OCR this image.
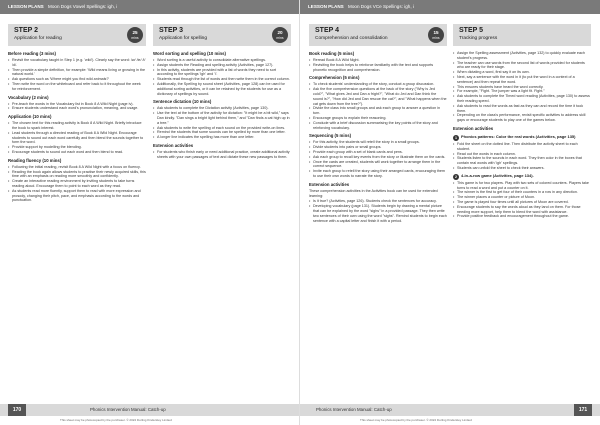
LESSON PLANS Moon Dogs Vowel Spellings: igh, i
STEP 2
Application for reading
25
mins
Before reading (3 mins)
• Revisit the vocabulary taught in Step 1 (e.g. 'wild'). Clearly say the word: /w/ /ie/ /l/ /d/.
• Then provide a simple definition, for example: 'Wild means living or growing in the natural world.'
• Ask questions such as 'Where might you find wild animals?'
• Then write the word on the whiteboard and refer back to it throughout the week for reinforcement.
Vocabulary (2 mins)
• Pre-teach the words in the Vocabulary list in Book 8 A Wild Night (page iv).
• Ensure students understand each word's pronunciation, meaning, and usage.
Application (10 mins)
• The chosen text for this reading activity is Book 8 A Wild Night. Briefly introduce the book to spark interest.
• Lead students through a directed reading of Book 8 A Wild Night. Encourage students to sound out each word carefully and then blend the sounds together to form the word.
• Provide support by modelling the blending.
• Encourage students to sound out each word and then blend to read.
Reading fluency (10 mins)
• Following the initial reading, revisit Book 8 A Wild Night with a focus on fluency.
• Reading the book again allows students to practise their newly acquired skills, this time with an emphasis on reading more smoothly and confidently.
• Create an interactive reading environment by inviting students to take turns reading aloud. Encourage them to point to each word as they read.
• As students read more fluently, support them to read with more expression and prosody, changing their pitch, pace, and emphasis according to the words and punctuation.
STEP 3
Application for spelling
20
mins
Word sorting and spelling (10 mins)
• Word sorting is a useful activity to consolidate alternative spellings.
• Assign students the Reading and spelling activity (Activities, page 127).
• In this activity, students are provided with a list of words they need to sort according to the spellings 'igh' and 'i'.
• Students read through the list of words and then write them in the correct column.
• Additionally, the Spelling by sound sheet (Activities, page 128) can be used for additional sorting activities, or it can be retained by the students for use as a dictionary of spellings by sound.
Sentence dictation (10 mins)
• Ask students to complete the Dictation activity (Activities, page 130).
• Use the text at the bottom of the activity for dictation: "It might be a bit wild," says Dan kindly. "Dan sings a bright light behind them," and "Dan finds a cat high up in a tree."
• Ask students to write the spelling of each sound on the provided write-on lines.
• Remind the students that some sounds can be spelled by more than one letter.
• A longer line indicates the spelling has more than one letter.
Extension activities
• For students who finish early or need additional practice, create additional activity sheets with your own passages of text and dictate these new passages to them.
170	Phonics Intervention Manual: Catch-up
This sheet may be photocopied by the purchaser. © 2024 Dorling Kindersley Limited
LESSON PLANS Moon Dogs VCe Spellings: igh, i
STEP 4
Comprehension and consolidation
15
mins
Book reading (5 mins)
• Reread Book 8 A Wild Night.
• Revisiting the book helps to reinforce familiarity with the text and supports phonetic recognition and comprehension.
Comprehension (5 mins)
• To check students' understanding of the story, conduct a group discussion.
• Ask the five comprehension questions at the back of the story ("Why is Jed cold?", "What gives Jed and Dan a fright?", "What do Jed and Dan think the sound is?", "How did Jed and Dan rescue the cat?", and "What happens when the cat gets down from the tree?").
• Divide the class into small groups and ask each group to answer a question in turn.
• Encourage groups to explain their reasoning.
• Conclude with a brief discussion summarising the key points of the story and reinforcing vocabulary.
Sequencing (5 mins)
• For this activity, the students will retell the story in a small groups.
• Divide students into pairs or small groups.
• Provide each group with a set of blank cards and pens.
• Ask each group to recall key events from the story or illustrate them on the cards.
• Once the cards are created, students will work together to arrange them in the correct sequence.
• Invite each group to retell the story using their arranged cards, encouraging them to use their own words to narrate the story.
Extension activities
These comprehension activities in the Activities book can be used for extended learning:
• Is it true? (Activities, page 126). Students check the sentences for accuracy.
• Developing vocabulary (page 131). Students begin by drawing a mental picture that can be explained by the word "sighs" in a provided passage. They then write two sentences of their own using the word "sighs". Remind students to begin each sentence with a capital letter and finish it with a period.
STEP 5
Tracking progress
• Assign the Spelling assessment (Activities, page 132) to quickly evaluate each student's progress.
• The teacher can use words from the second list of words provided for students who are ready for their stage.
• When dictating a word, first say it on its own.
• Next, say a sentence with the word in it (to put the word in a context of a sentence) and then repeat the word.
• This ensures students have heard the word correctly.
• For example, "Fight. The jumper was a light fit. Fight."
• Ask students to complete the Timed word reading (Activities, page 130) to assess their reading speed.
• Ask students to read the words as fast as they can and record the time it took them.
• Depending on the class's performance, revisit specific activities to address skill gaps or encourage students to play one of the games below.
Extension activities
1	Phonics patterns: Color the real words (Activities, page 135)
• Fold the sheet on the dotted line. Then distribute the activity sheet to each student.
• Read out the words in each column.
• Students listen to the sounds in each word. They then color in the boxes that contain real words with 'igh' spellings.
• Students can unfold the sheet to check their answers.
2	4-in-a-row game (Activities, page 134).
• This game is for two players. Play with two sets of colored counters. Players take turns to read a word and put a counter on it.
• The winner is the first to get four of their counters in a row in any direction.
• The winner places a counter or picture of Moon.
• The game is played four times until all pictures of Moon are covered.
• Encourage students to say the words aloud as they land on them. For those needing more support, help them to blend the word with assistance.
• Provide positive feedback and encouragement throughout the game.
Phonics Intervention Manual: Catch-up	171
This sheet may be photocopied by the purchaser. © 2024 Dorling Kindersley Limited
